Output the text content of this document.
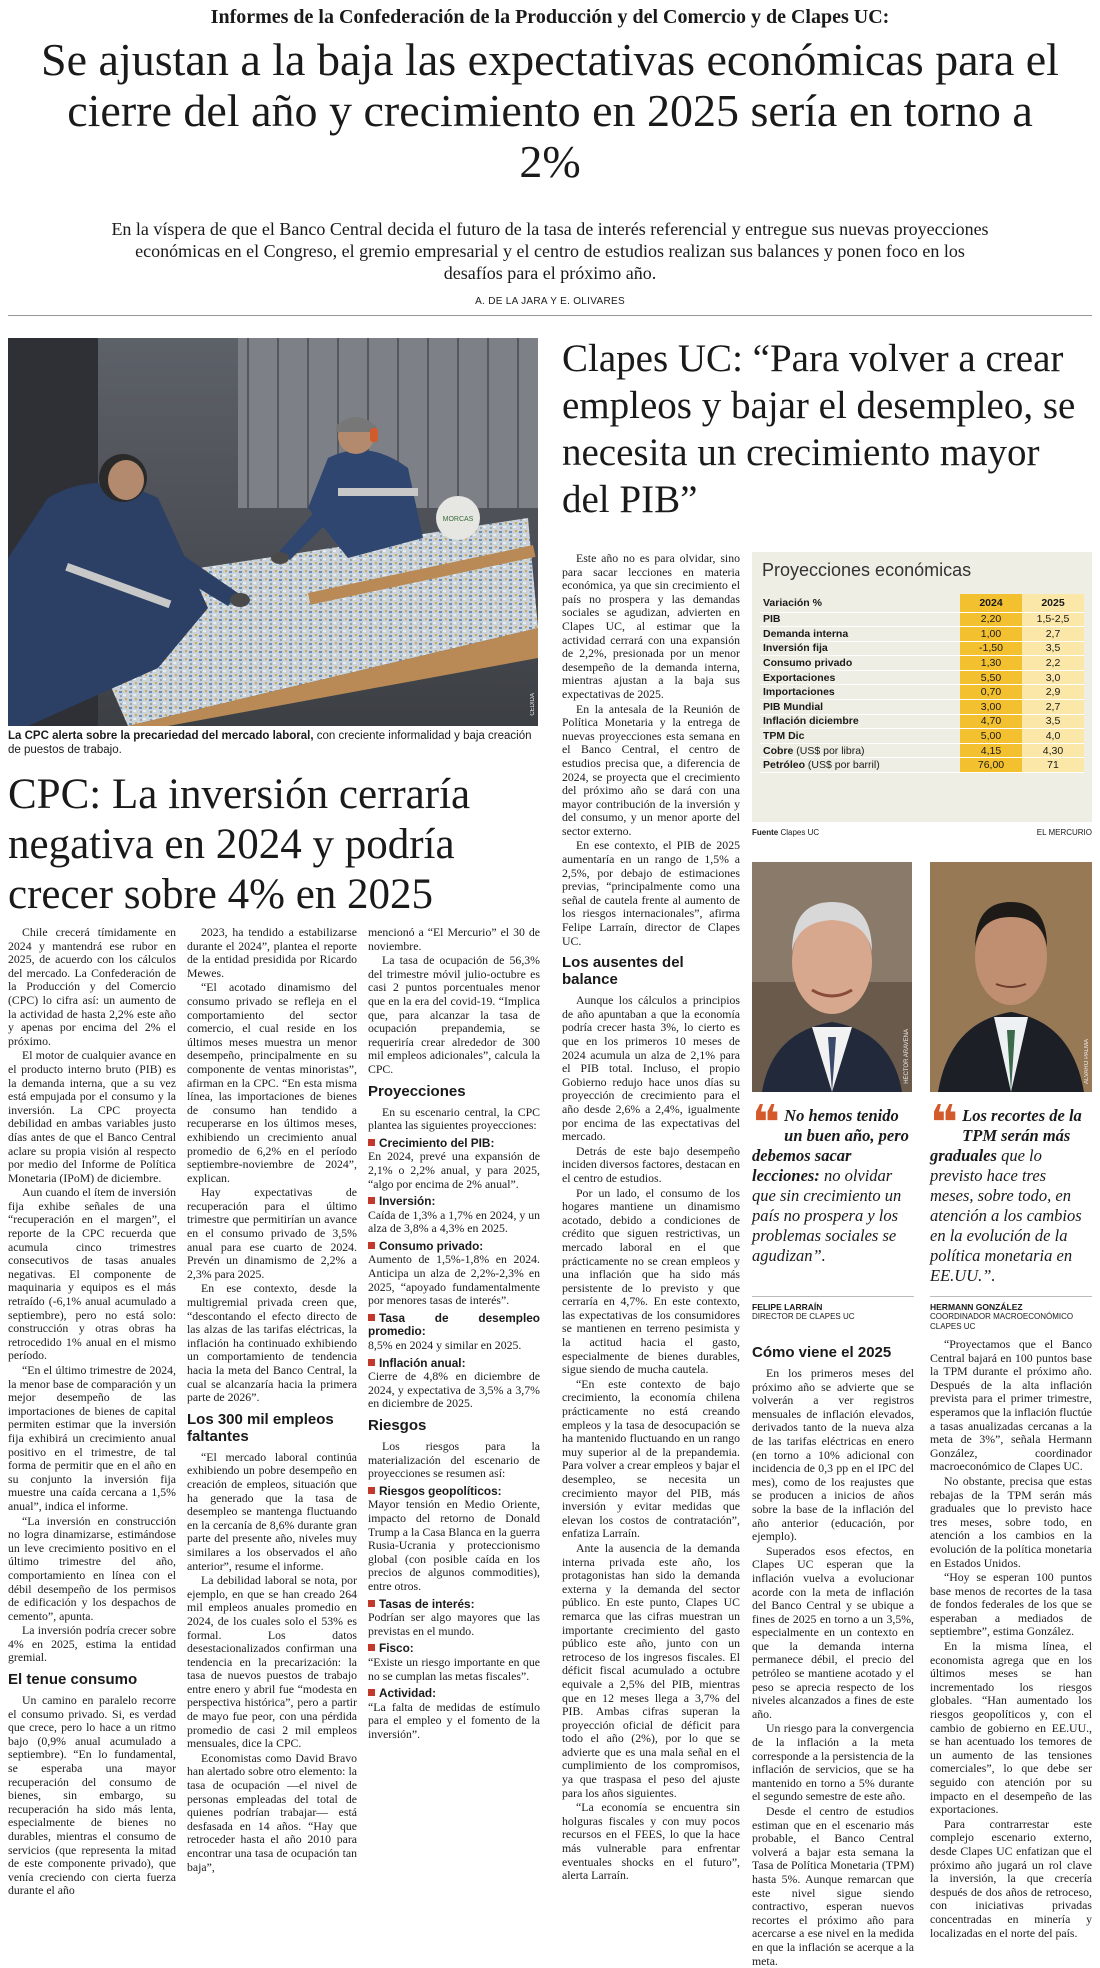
Informes de la Confederación de la Producción y del Comercio y de Clapes UC:
Se ajustan a la baja las expectativas económicas para el cierre del año y crecimiento en 2025 sería en torno a 2%
En la víspera de que el Banco Central decida el futuro de la tasa de interés referencial y entregue sus nuevas proyecciones económicas en el Congreso, el gremio empresarial y el centro de estudios realizan sus balances y ponen foco en los desafíos para el próximo año.
A. DE LA JARA Y E. OLIVARES
MORCAS
CEDIDA
La CPC alerta sobre la precariedad del mercado laboral, con creciente informalidad y baja creación de puestos de trabajo.
CPC: La inversión cerraría negativa en 2024 y podría crecer sobre 4% en 2025

Chile crecerá tímidamente en 2024 y mantendrá ese rubor en 2025, de acuerdo con los cálculos del mercado. La Confederación de la Producción y del Comercio (CPC) lo cifra así: un aumento de la actividad de hasta 2,2% este año y apenas por encima del 2% el próximo.

El motor de cualquier avance en el producto interno bruto (PIB) es la demanda interna, que a su vez está empujada por el consumo y la inversión. La CPC proyecta debilidad en ambas variables justo días antes de que el Banco Central aclare su propia visión al respecto por medio del Informe de Política Monetaria (IPoM) de diciembre.

Aun cuando el ítem de inversión fija exhibe señales de una “recuperación en el margen”, el reporte de la CPC recuerda que acumula cinco trimestres consecutivos de tasas anuales negativas. El componente de maquinaria y equipos es el más retraído (-6,1% anual acumulado a septiembre), pero no está solo: construcción y otras obras ha retrocedido 1% anual en el mismo período.

“En el último trimestre de 2024, la menor base de comparación y un mejor desempeño de las importaciones de bienes de capital permiten estimar que la inversión fija exhibirá un crecimiento anual positivo en el trimestre, de tal forma de permitir que en el año en su conjunto la inversión fija muestre una caída cercana a 1,5% anual”, indica el informe.

“La inversión en construcción no logra dinamizarse, estimándose un leve crecimiento positivo en el último trimestre del año, comportamiento en línea con el débil desempeño de los permisos de edificación y los despachos de cemento”, apunta.

La inversión podría crecer sobre 4% en 2025, estima la entidad gremial.

El tenue consumo

Un camino en paralelo recorre el consumo privado. Si, es verdad que crece, pero lo hace a un ritmo bajo (0,9% anual acumulado a septiembre). “En lo fundamental, se esperaba una mayor recuperación del consumo de bienes, sin embargo, su recuperación ha sido más lenta, especialmente de bienes no durables, mientras el consumo de servicios (que representa la mitad de este componente privado), que venía creciendo con cierta fuerza durante el año

2023, ha tendido a estabilizarse durante el 2024”, plantea el reporte de la entidad presidida por Ricardo Mewes.

“El acotado dinamismo del consumo privado se refleja en el comportamiento del sector comercio, el cual reside en los últimos meses muestra un menor desempeño, principalmente en su componente de ventas minoristas”, afirman en la CPC. “En esta misma línea, las importaciones de bienes de consumo han tendido a recuperarse en los últimos meses, exhibiendo un crecimiento anual promedio de 6,2% en el período septiembre-noviembre de 2024”, explican.

Hay expectativas de recuperación para el último trimestre que permitirían un avance en el consumo privado de 3,5% anual para ese cuarto de 2024. Prevén un dinamismo de 2,2% a 2,3% para 2025.

En ese contexto, desde la multigremial privada creen que, “descontando el efecto directo de las alzas de las tarifas eléctricas, la inflación ha continuado exhibiendo un comportamiento de tendencia hacia la meta del Banco Central, la cual se alcanzaría hacia la primera parte de 2026”.

Los 300 mil empleos faltantes

“El mercado laboral continúa exhibiendo un pobre desempeño en creación de empleos, situación que ha generado que la tasa de desempleo se mantenga fluctuando en la cercanía de 8,6% durante gran parte del presente año, niveles muy similares a los observados el año anterior”, resume el informe.

La debilidad laboral se nota, por ejemplo, en que se han creado 264 mil empleos anuales promedio en 2024, de los cuales solo el 53% es formal. Los datos desestacionalizados confirman una tendencia en la precarización: la tasa de nuevos puestos de trabajo entre enero y abril fue “modesta en perspectiva histórica”, pero a partir de mayo fue peor, con una pérdida promedio de casi 2 mil empleos mensuales, dice la CPC.

Economistas como David Bravo han alertado sobre otro elemento: la tasa de ocupación —el nivel de personas empleadas del total de quienes podrían trabajar— está desfasada en 14 años. “Hay que retroceder hasta el año 2010 para encontrar una tasa de ocupación tan baja”,

mencionó a “El Mercurio” el 30 de noviembre.

La tasa de ocupación de 56,3% del trimestre móvil julio-octubre es casi 2 puntos porcentuales menor que en la era del covid-19. “Implica que, para alcanzar la tasa de ocupación prepandemia, se requeriría crear alrededor de 300 mil empleos adicionales”, calcula la CPC.

Proyecciones

En su escenario central, la CPC plantea las siguientes proyecciones:

Crecimiento del PIB:
En 2024, prevé una expansión de 2,1% o 2,2% anual, y para 2025, “algo por encima de 2% anual”.

Inversión:
Caída de 1,3% a 1,7% en 2024, y un alza de 3,8% a 4,3% en 2025.

Consumo privado:
Aumento de 1,5%-1,8% en 2024. Anticipa un alza de 2,2%-2,3% en 2025, “apoyado fundamentalmente por menores tasas de interés”.

Tasa de desempleo promedio:
8,5% en 2024 y similar en 2025.

Inflación anual:
Cierre de 4,8% en diciembre de 2024, y expectativa de 3,5% a 3,7% en diciembre de 2025.

Riesgos

Los riesgos para la materialización del escenario de proyecciones se resumen así:

Riesgos geopolíticos:
Mayor tensión en Medio Oriente, impacto del retorno de Donald Trump a la Casa Blanca en la guerra Rusia-Ucrania y proteccionismo global (con posible caída en los precios de algunos commodities), entre otros.

Tasas de interés:
Podrían ser algo mayores que las previstas en el mundo.

Fisco:
“Existe un riesgo importante en que no se cumplan las metas fiscales”.

Actividad:
“La falta de medidas de estímulo para el empleo y el fomento de la inversión”.

Clapes UC: “Para volver a crear empleos y bajar el desempleo, se necesita un crecimiento mayor del PIB”

Este año no es para olvidar, sino para sacar lecciones en materia económica, ya que sin crecimiento el país no prospera y las demandas sociales se agudizan, advierten en Clapes UC, al estimar que la actividad cerrará con una expansión de 2,2%, presionada por un menor desempeño de la demanda interna, mientras ajustan a la baja sus expectativas de 2025.

En la antesala de la Reunión de Política Monetaria y la entrega de nuevas proyecciones esta semana en el Banco Central, el centro de estudios precisa que, a diferencia de 2024, se proyecta que el crecimiento del próximo año se dará con una mayor contribución de la inversión y del consumo, y un menor aporte del sector externo.

En ese contexto, el PIB de 2025 aumentaría en un rango de 1,5% a 2,5%, por debajo de estimaciones previas, “principalmente como una señal de cautela frente al aumento de los riesgos internacionales”, afirma Felipe Larraín, director de Clapes UC.

Los ausentes del balance

Aunque los cálculos a principios de año apuntaban a que la economía podría crecer hasta 3%, lo cierto es que en los primeros 10 meses de 2024 acumula un alza de 2,1% para el PIB total. Incluso, el propio Gobierno redujo hace unos días su proyección de crecimiento para el año desde 2,6% a 2,4%, igualmente por encima de las expectativas del mercado.

Detrás de este bajo desempeño inciden diversos factores, destacan en el centro de estudios.

Por un lado, el consumo de los hogares mantiene un dinamismo acotado, debido a condiciones de crédito que siguen restrictivas, un mercado laboral en el que prácticamente no se crean empleos y una inflación que ha sido más persistente de lo previsto y que cerraría en 4,7%. En este contexto, las expectativas de los consumidores se mantienen en terreno pesimista y la actitud hacia el gasto, especialmente de bienes durables, sigue siendo de mucha cautela.

“En este contexto de bajo crecimiento, la economía chilena prácticamente no está creando empleos y la tasa de desocupación se ha mantenido fluctuando en un rango muy superior al de la prepandemia. Para volver a crear empleos y bajar el desempleo, se necesita un crecimiento mayor del PIB, más inversión y evitar medidas que elevan los costos de contratación”, enfatiza Larraín.

Ante la ausencia de la demanda interna privada este año, los protagonistas han sido la demanda externa y la demanda del sector público. En este punto, Clapes UC remarca que las cifras muestran un importante crecimiento del gasto público este año, junto con un retroceso de los ingresos fiscales. El déficit fiscal acumulado a octubre equivale a 2,5% del PIB, mientras que en 12 meses llega a 3,7% del PIB. Ambas cifras superan la proyección oficial de déficit para todo el año (2%), por lo que se advierte que es una mala señal en el cumplimiento de los compromisos, ya que traspasa el peso del ajuste para los años siguientes.

“La economía se encuentra sin holguras fiscales y con muy pocos recursos en el FEES, lo que la hace más vulnerable para enfrentar eventuales shocks en el futuro”, alerta Larraín.

Proyecciones económicas
Variación %	2024	2025
PIB	2,20	1,5-2,5
Demanda interna	1,00	2,7
Inversión fija	-1,50	3,5
Consumo privado	1,30	2,2
Exportaciones	5,50	3,0
Importaciones	0,70	2,9
PIB Mundial	3,00	2,7
Inflación diciembre	4,70	3,5
TPM Dic	5,00	4,0
Cobre (US$ por libra)	4,15	4,30
Petróleo (US$ por barril)	76,00	71
Fuente Clapes UC	EL MERCURIO
HÉCTOR ARAVENA	ALVARO PALMA
❝ No hemos tenido un buen año, pero debemos sacar lecciones: no olvidar que sin crecimiento un país no prospera y los problemas sociales se agudizan”.
FELIPE LARRAÍN
DIRECTOR DE CLAPES UC
❝ Los recortes de la TPM serán más graduales que lo previsto hace tres meses, sobre todo, en atención a los cambios en la evolución de la política monetaria en EE.UU.”.
HERMANN GONZÁLEZ
COORDINADOR MACROECONÓMICO CLAPES UC
Cómo viene el 2025

En los primeros meses del próximo año se advierte que se volverán a ver registros mensuales de inflación elevados, derivados tanto de la nueva alza de las tarifas eléctricas en enero (en torno a 10% adicional con incidencia de 0,3 pp en el IPC del mes), como de los reajustes que se producen a inicios de años sobre la base de la inflación del año anterior (educación, por ejemplo).

Superados esos efectos, en Clapes UC esperan que la inflación vuelva a evolucionar acorde con la meta de inflación del Banco Central y se ubique a fines de 2025 en torno a un 3,5%, especialmente en un contexto en que la demanda interna permanece débil, el precio del petróleo se mantiene acotado y el peso se aprecia respecto de los niveles alcanzados a fines de este año.

Un riesgo para la convergencia de la inflación a la meta corresponde a la persistencia de la inflación de servicios, que se ha mantenido en torno a 5% durante el segundo semestre de este año.

Desde el centro de estudios estiman que en el escenario más probable, el Banco Central volverá a bajar esta semana la Tasa de Política Monetaria (TPM) hasta 5%. Aunque remarcan que este nivel sigue siendo contractivo, esperan nuevos recortes el próximo año para acercarse a ese nivel en la medida en que la inflación se acerque a la meta.

“Proyectamos que el Banco Central bajará en 100 puntos base la TPM durante el próximo año. Después de la alta inflación prevista para el primer trimestre, esperamos que la inflación fluctúe a tasas anualizadas cercanas a la meta de 3%”, señala Hermann González, coordinador macroeconómico de Clapes UC.

No obstante, precisa que estas rebajas de la TPM serán más graduales que lo previsto hace tres meses, sobre todo, en atención a los cambios en la evolución de la política monetaria en Estados Unidos.

“Hoy se esperan 100 puntos base menos de recortes de la tasa de fondos federales de los que se esperaban a mediados de septiembre”, estima González.

En la misma línea, el economista agrega que en los últimos meses se han incrementado los riesgos globales. “Han aumentado los riesgos geopolíticos y, con el cambio de gobierno en EE.UU., se han acentuado los temores de un aumento de las tensiones comerciales”, lo que debe ser seguido con atención por su impacto en el desempeño de las exportaciones.

Para contrarrestar este complejo escenario externo, desde Clapes UC enfatizan que el próximo año jugará un rol clave la inversión, la que crecería después de dos años de retroceso, con iniciativas privadas concentradas en minería y localizadas en el norte del país.
